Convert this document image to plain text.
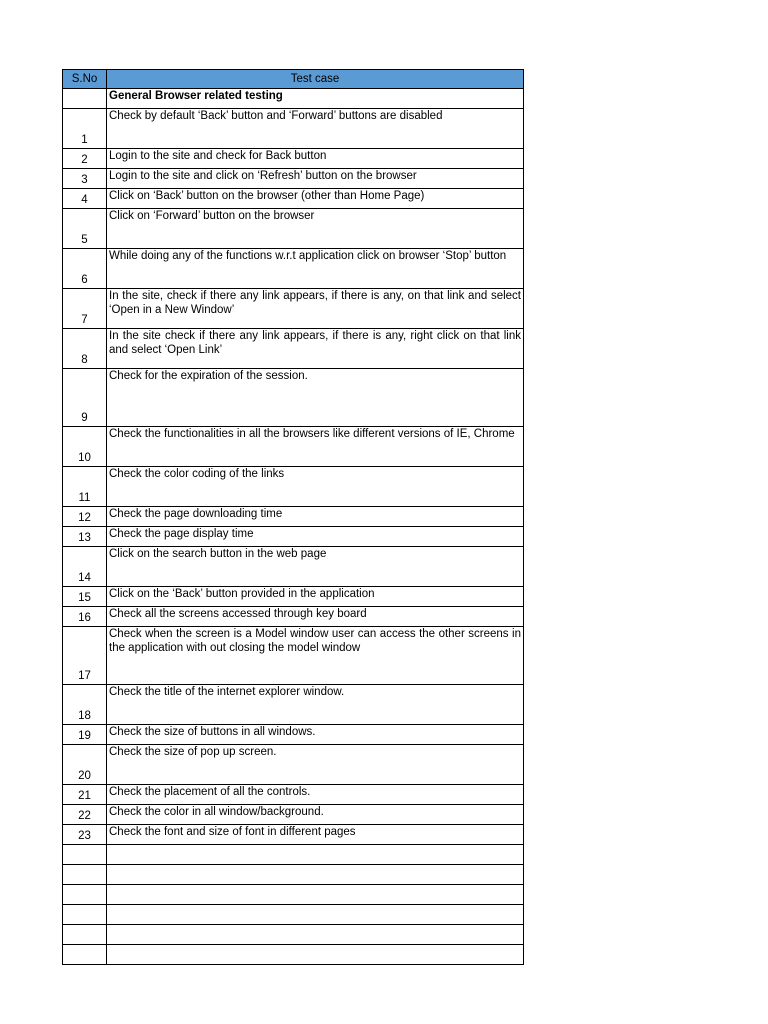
S.No	Test case
	General Browser related testing
1	Check by default ‘Back’ button and ‘Forward’ buttons are disabled
2	Login to the site and check for Back button
3	Login to the site and click on ‘Refresh’ button on the browser
4	Click on ‘Back’ button on the browser (other than Home Page)
5	Click on ‘Forward’ button on the browser
6	While doing any of the functions w.r.t application click on browser ‘Stop’ button
7	In the site, check if there any link appears, if there is any, on that link and select ‘Open in a New Window’
8	In the site check if there any link appears, if there is any, right click on that link and select ‘Open Link’
9	Check for the expiration of the session.
10	Check the functionalities in all the browsers like different versions of IE, Chrome
11	Check the color coding of the links
12	Check the page downloading time
13	Check the page display time
14	Click on the search button in the web page
15	Click on the ‘Back’ button provided in the application
16	Check all the screens accessed through key board
17	Check when the screen is a Model window user can access the other screens in the application with out closing the model window
18	Check the title of the internet explorer window.
19	Check the size of buttons in all windows.
20	Check the size of pop up screen.
21	Check the placement of all the controls.
22	Check the color in all window/background.
23	Check the font and size of font in different pages
